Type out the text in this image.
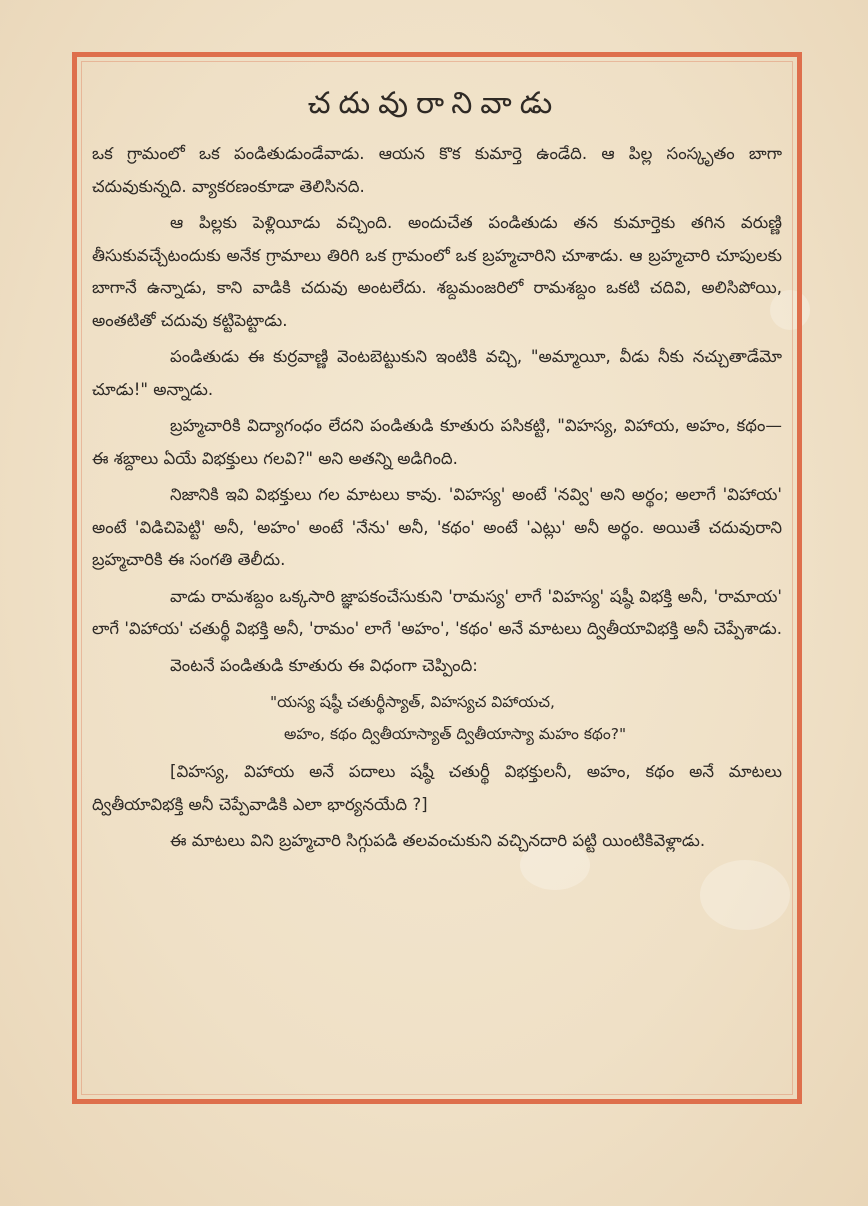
చదువురానివాడు

ఒక గ్రామంలో ఒక పండితుడుండేవాడు. ఆయన కొక కుమార్తె ఉండేది. ఆ పిల్ల సంస్కృతం బాగా చదువుకున్నది. వ్యాకరణంకూడా తెలిసినది.

ఆ పిల్లకు పెళ్లియీడు వచ్చింది. అందుచేత పండితుడు తన కుమార్తెకు తగిన వరుణ్ణి తీసుకువచ్చేటందుకు అనేక గ్రామాలు తిరిగి ఒక గ్రామంలో ఒక బ్రహ్మచారిని చూశాడు. ఆ బ్రహ్మచారి చూపులకు బాగానే ఉన్నాడు, కాని వాడికి చదువు అంటలేదు. శబ్దమంజరిలో రామశబ్దం ఒకటి చదివి, అలిసిపోయి, అంతటితో చదువు కట్టిపెట్టాడు.

పండితుడు ఈ కుర్రవాణ్ణి వెంటబెట్టుకుని ఇంటికి వచ్చి, "అమ్మాయీ, వీడు నీకు నచ్చుతాడేమో చూడు!" అన్నాడు.

బ్రహ్మచారికి విద్యాగంధం లేదని పండితుడి కూతురు పసికట్టి, "విహస్య, విహాయ, అహం, కథం—ఈ శబ్దాలు ఏయే విభక్తులు గలవి?" అని అతన్ని అడిగింది.

నిజానికి ఇవి విభక్తులు గల మాటలు కావు. 'విహస్య' అంటే 'నవ్వి' అని అర్థం; అలాగే 'విహాయ' అంటే 'విడిచిపెట్టి' అనీ, 'అహం' అంటే 'నేను' అనీ, 'కథం' అంటే 'ఎట్లు' అనీ అర్థం. అయితే చదువురాని బ్రహ్మచారికి ఈ సంగతి తెలీదు.

వాడు రామశబ్దం ఒక్కసారి జ్ఞాపకంచేసుకుని 'రామస్య' లాగే 'విహస్య' షష్ఠీ విభక్తి అనీ, 'రామాయ' లాగే 'విహాయ' చతుర్థీ విభక్తి అనీ, 'రామం' లాగే 'అహం', 'కథం' అనే మాటలు ద్వితీయావిభక్తి అనీ చెప్పేశాడు.

వెంటనే పండితుడి కూతురు ఈ విధంగా చెప్పింది:

"యస్య షష్ఠీ చతుర్థీస్యాత్, విహస్యచ విహాయచ,
అహం, కథం ద్వితీయాస్యాత్ ద్వితీయాస్యా మహం కథం?"

[విహస్య, విహాయ అనే పదాలు షష్ఠీ చతుర్థీ విభక్తులనీ, అహం, కథం అనే మాటలు ద్వితీయావిభక్తి అనీ చెప్పేవాడికి ఎలా భార్యనయేది ?]

ఈ మాటలు విని బ్రహ్మచారి సిగ్గుపడి తలవంచుకుని వచ్చినదారి పట్టి యింటికివెళ్లాడు.
